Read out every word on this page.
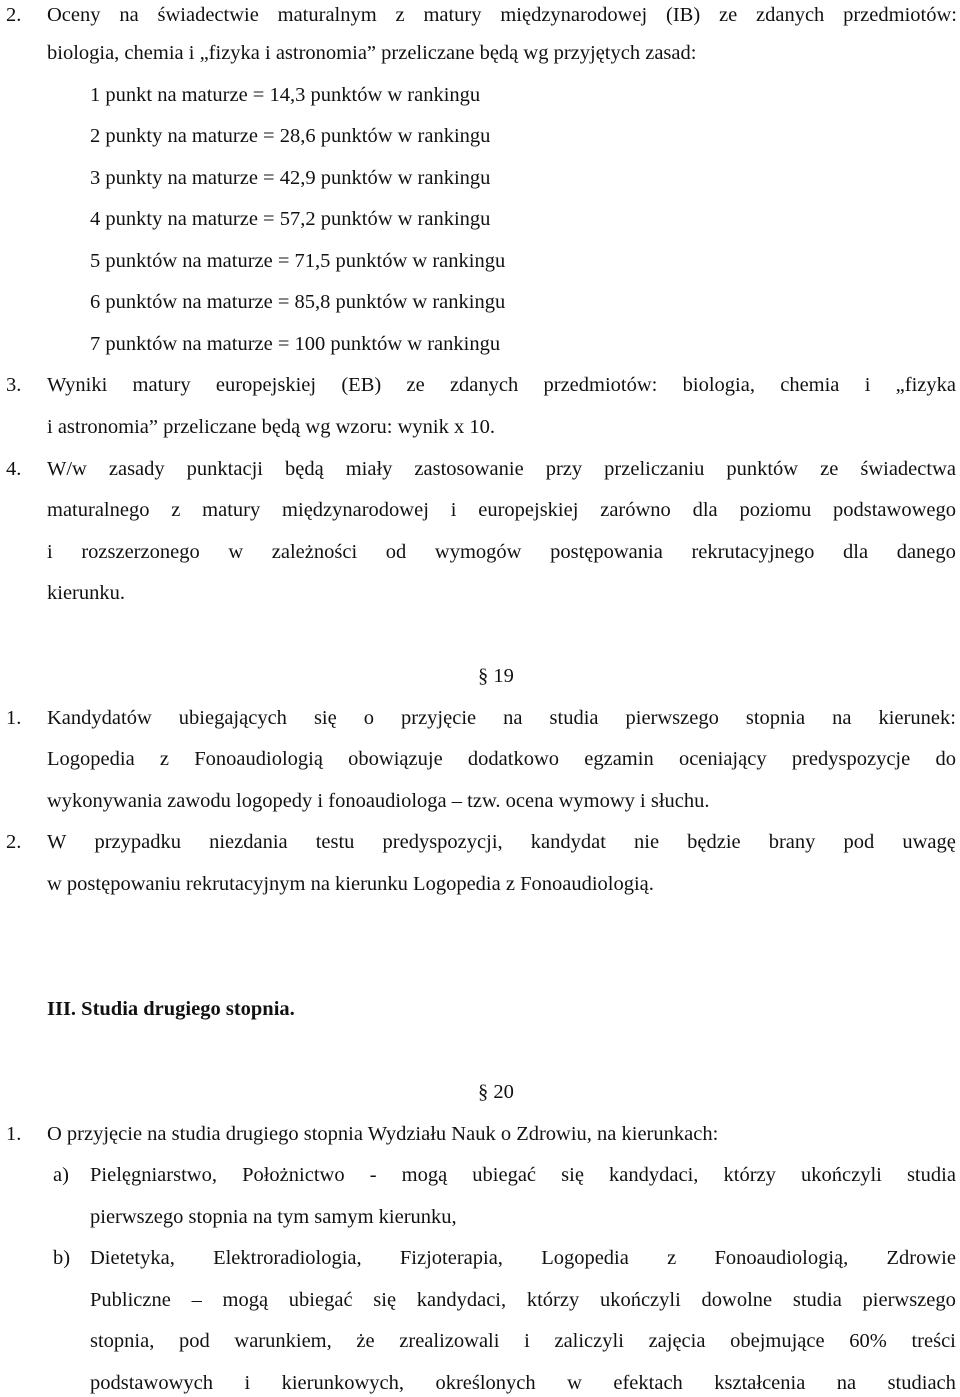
2. Oceny na świadectwie maturalnym z matury międzynarodowej (IB) ze zdanych przedmiotów:
biologia, chemia i „fizyka i astronomia” przeliczane będą wg przyjętych zasad:
1 punkt na maturze = 14,3 punktów w rankingu
2 punkty na maturze = 28,6 punktów w rankingu
3 punkty na maturze = 42,9 punktów w rankingu
4 punkty na maturze = 57,2 punktów w rankingu
5 punktów na maturze = 71,5 punktów w rankingu
6 punktów na maturze = 85,8 punktów w rankingu
7 punktów na maturze = 100 punktów w rankingu
3. Wyniki matury europejskiej (EB) ze zdanych przedmiotów: biologia, chemia i „fizyka
i astronomia” przeliczane będą wg wzoru: wynik x 10.
4. W/w zasady punktacji będą miały zastosowanie przy przeliczaniu punktów ze świadectwa
maturalnego z matury międzynarodowej i europejskiej zarówno dla poziomu podstawowego
i rozszerzonego w zależności od wymogów postępowania rekrutacyjnego dla danego
kierunku.
§ 19
1. Kandydatów ubiegających się o przyjęcie na studia pierwszego stopnia na kierunek:
Logopedia z Fonoaudiologią obowiązuje dodatkowo egzamin oceniający predyspozycje do
wykonywania zawodu logopedy i fonoaudiologa – tzw. ocena wymowy i słuchu.
2. W przypadku niezdania testu predyspozycji, kandydat nie będzie brany pod uwagę
w postępowaniu rekrutacyjnym na kierunku Logopedia z Fonoaudiologią.
III. Studia drugiego stopnia.
§ 20
1. O przyjęcie na studia drugiego stopnia Wydziału Nauk o Zdrowiu, na kierunkach:
a) Pielęgniarstwo, Położnictwo - mogą ubiegać się kandydaci, którzy ukończyli studia
pierwszego stopnia na tym samym kierunku,
b) Dietetyka, Elektroradiologia, Fizjoterapia, Logopedia z Fonoaudiologią, Zdrowie
Publiczne – mogą ubiegać się kandydaci, którzy ukończyli dowolne studia pierwszego
stopnia, pod warunkiem, że zrealizowali i zaliczyli zajęcia obejmujące 60% treści
podstawowych i kierunkowych, określonych w efektach kształcenia na studiach
